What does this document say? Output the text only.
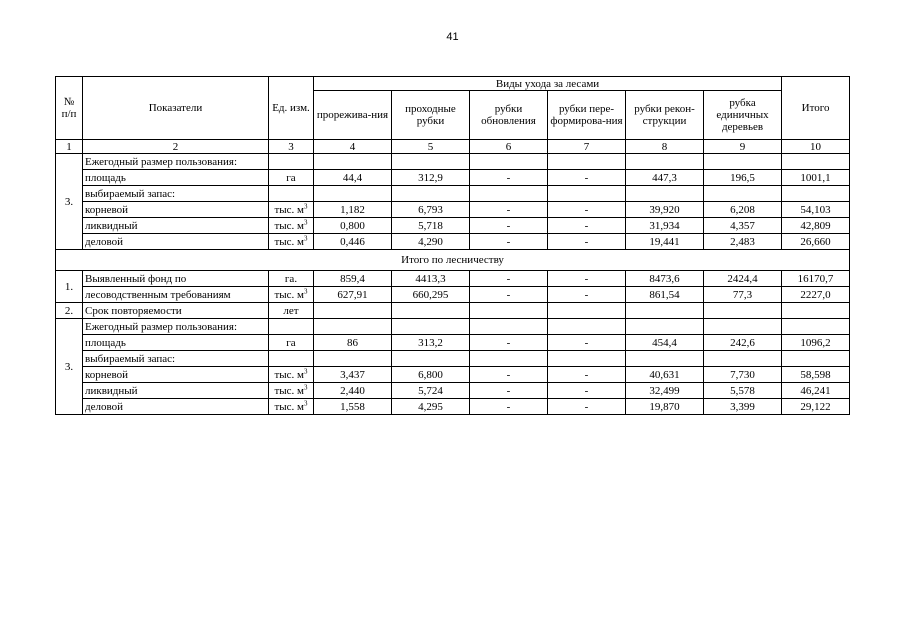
41
№ п/п	Показатели	Ед. изм.	Виды ухода за лесами						Итого
			прорежива-ния	проходные рубки	рубки обновления	рубки пере-формирова-ния	рубки рекон-струкции	рубка единичных деревьев	
1	2	3	4	5	6	7	8	9	10
3.	Ежегодный размер пользования:								
	площадь	га	44,4	312,9	-	-	447,3	196,5	1001,1
	выбираемый запас:								
	корневой	тыс. $м^3$	1,182	6,793	-	-	39,920	6,208	54,103
	ликвидный	тыс. $м^3$	0,800	5,718	-	-	31,934	4,357	42,809
	деловой	тыс. $м^3$	0,446	4,290	-	-	19,441	2,483	26,660
Итого по лесничеству									
1.	Выявленный фонд по	га.	859,4	4413,3	-	-	8473,6	2424,4	16170,7
	лесоводственным требованиям	тыс. $м^3$	627,91	660,295	-	-	861,54	77,3	2227,0
2.	Срок повторяемости	лет							
3.	Ежегодный размер пользования:								
	площадь	га	86	313,2	-	-	454,4	242,6	1096,2
	выбираемый запас:								
	корневой	тыс. $м^3$	3,437	6,800	-	-	40,631	7,730	58,598
	ликвидный	тыс. $м^3$	2,440	5,724	-	-	32,499	5,578	46,241
	деловой	тыс. $м^3$	1,558	4,295	-	-	19,870	3,399	29,122
